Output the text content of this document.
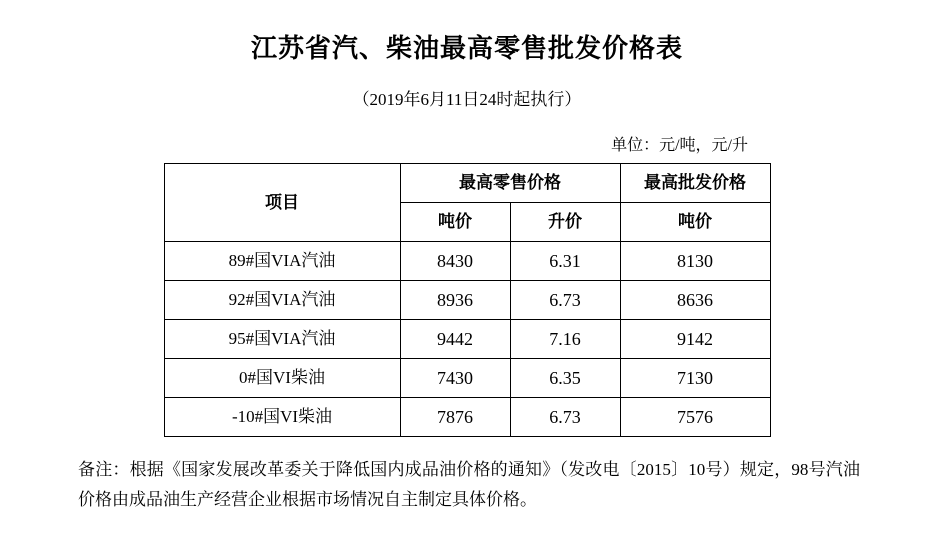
江苏省汽、柴油最高零售批发价格表
（2019年6月11日24时起执行）
单位：元/吨，元/升
项目	最高零售价格		最高批发价格
	吨价	升价	吨价
89#国VIA汽油	8430	6.31	8130
92#国VIA汽油	8936	6.73	8636
95#国VIA汽油	9442	7.16	9142
0#国VI柴油	7430	6.35	7130
-10#国VI柴油	7876	6.73	7576
备注：根据《国家发展改革委关于降低国内成品油价格的通知》（发改电〔2015〕10号）规定，98号汽油价格由成品油生产经营企业根据市场情况自主制定具体价格。
